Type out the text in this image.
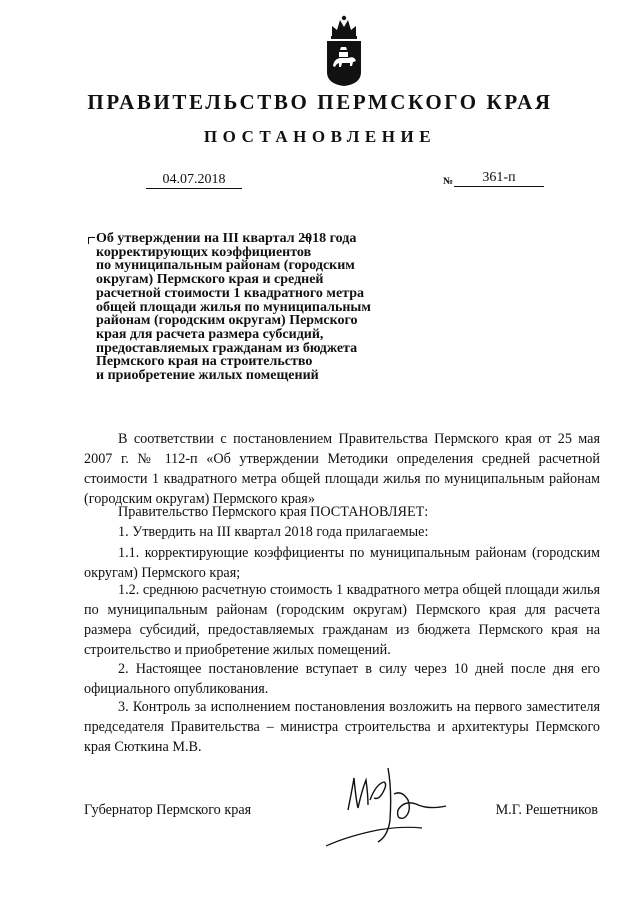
ПРАВИТЕЛЬСТВО ПЕРМСКОГО КРАЯ
ПОСТАНОВЛЕНИЕ
04.07.2018	№	361-п
Об утверждении на III квартал 2018 года
корректирующих коэффициентов
по муниципальным районам (городским
округам) Пермского края и средней
расчетной стоимости 1 квадратного метра
общей площади жилья по муниципальным
районам (городским округам) Пермского
края для расчета размера субсидий,
предоставляемых гражданам из бюджета
Пермского края на строительство
и приобретение жилых помещений

В соответствии с постановлением Правительства Пермского края от 25 мая 2007 г. № 112-п «Об утверждении Методики определения средней расчетной стоимости 1 квадратного метра общей площади жилья по муниципальным районам (городским округам) Пермского края»

Правительство Пермского края ПОСТАНОВЛЯЕТ:

1. Утвердить на III квартал 2018 года прилагаемые:

1.1. корректирующие коэффициенты по муниципальным районам (городским округам) Пермского края;

1.2. среднюю расчетную стоимость 1 квадратного метра общей площади жилья по муниципальным районам (городским округам) Пермского края для расчета размера субсидий, предоставляемых гражданам из бюджета Пермского края на строительство и приобретение жилых помещений.

2. Настоящее постановление вступает в силу через 10 дней после дня его официального опубликования.

3. Контроль за исполнением постановления возложить на первого заместителя председателя Правительства – министра строительства и архитектуры Пермского края Сюткина М.В.

Губернатор Пермского края	М.Г. Решетников
